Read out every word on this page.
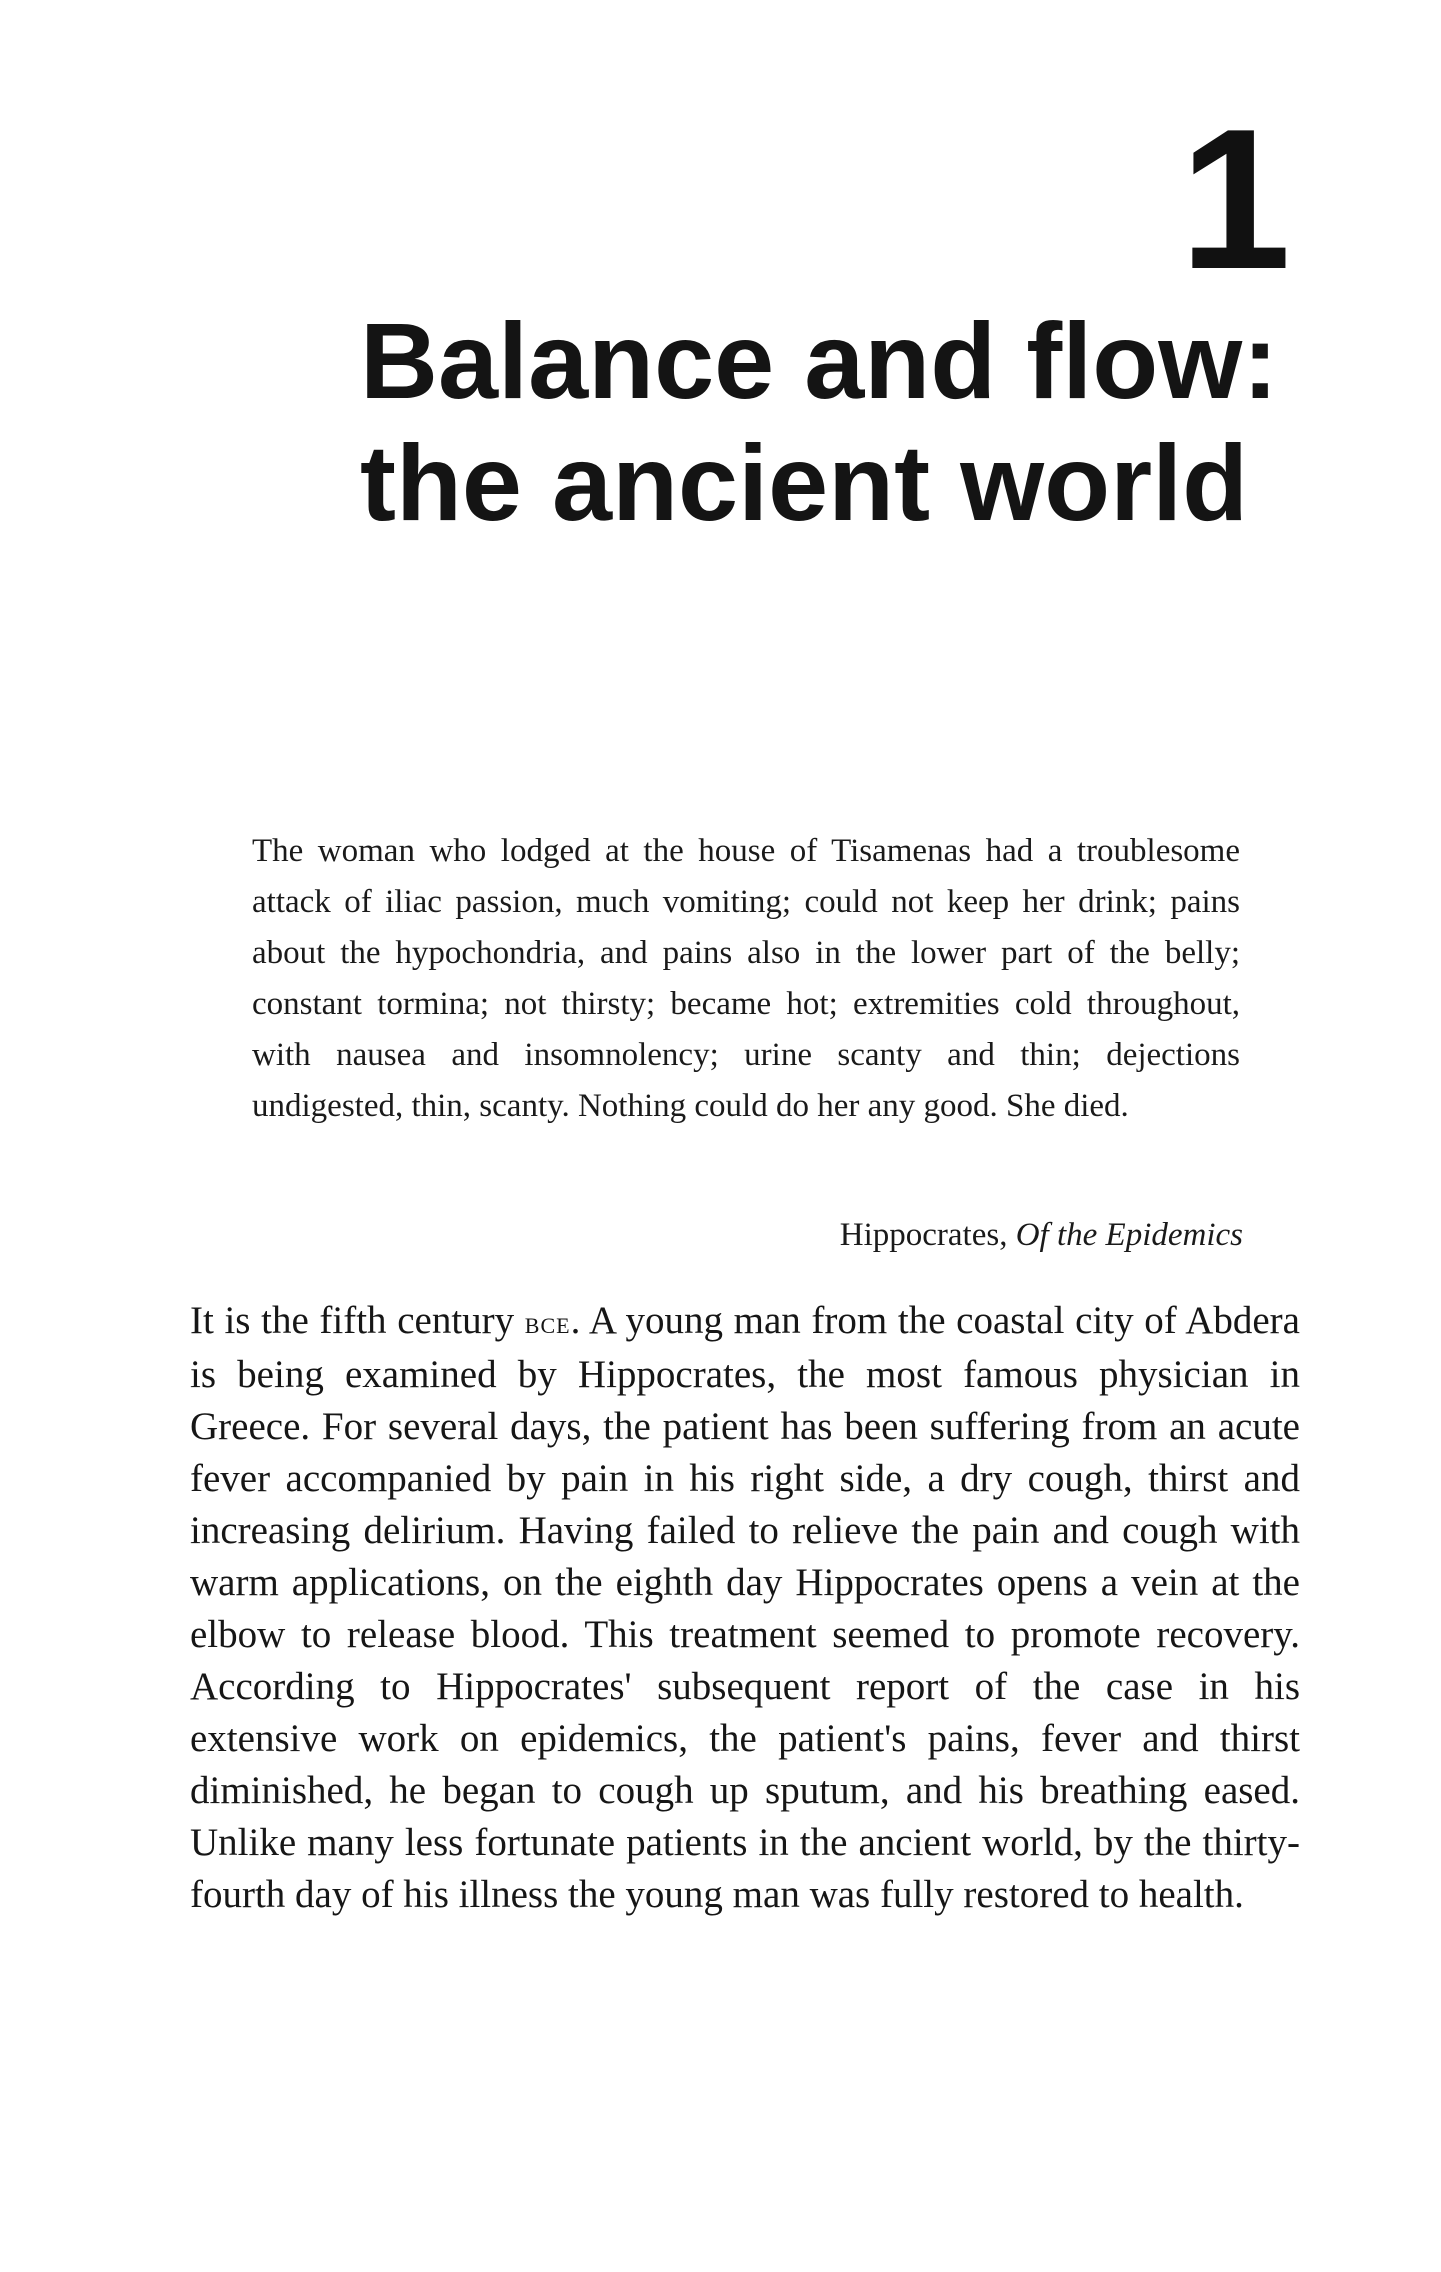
1
Balance and flow:
the ancient world

The woman who lodged at the house of Tisamenas had a troublesome attack of iliac passion, much vomiting; could not keep her drink; pains about the hypochondria, and pains also in the lower part of the belly; constant tormina; not thirsty; became hot; extremities cold throughout, with nausea and insomnolency; urine scanty and thin; dejections undigested, thin, scanty. Nothing could do her any good. She died.

Hippocrates, Of the Epidemics

It is the fifth century bce. A young man from the coastal city of Abdera is being examined by Hippocrates, the most famous physician in Greece. For several days, the patient has been suffering from an acute fever accompanied by pain in his right side, a dry cough, thirst and increasing delirium. Having failed to relieve the pain and cough with warm applications, on the eighth day Hippocrates opens a vein at the elbow to release blood. This treatment seemed to promote recovery. According to Hippocrates' subsequent report of the case in his extensive work on epidemics, the patient's pains, fever and thirst diminished, he began to cough up sputum, and his breathing eased. Unlike many less fortunate patients in the ancient world, by the thirty-fourth day of his illness the young man was fully restored to health.
